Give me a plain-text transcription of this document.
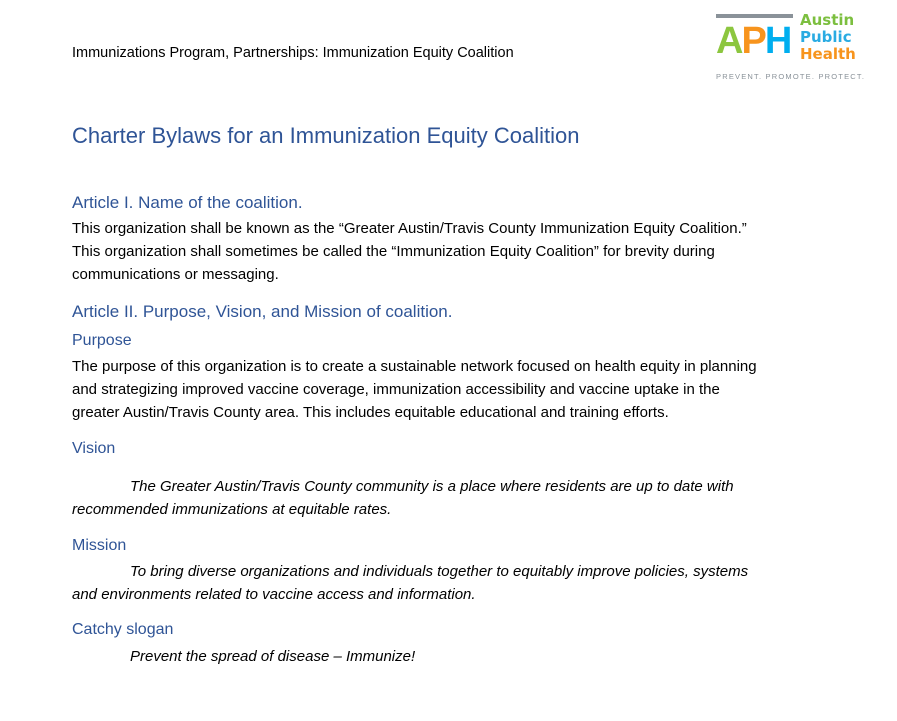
Immunizations Program, Partnerships: Immunization Equity Coalition	APH Austin
Public
Health
PREVENT. PROMOTE. PROTECT.
Charter Bylaws for an Immunization Equity Coalition
Article I. Name of the coalition.
This organization shall be known as the “Greater Austin/Travis County Immunization Equity Coalition.”
This organization shall sometimes be called the “Immunization Equity Coalition” for brevity during
communications or messaging.
Article II. Purpose, Vision, and Mission of coalition.
Purpose
The purpose of this organization is to create a sustainable network focused on health equity in planning
and strategizing improved vaccine coverage, immunization accessibility and vaccine uptake in the
greater Austin/Travis County area. This includes equitable educational and training efforts.
Vision
The Greater Austin/Travis County community is a place where residents are up to date with
recommended immunizations at equitable rates.
Mission
To bring diverse organizations and individuals together to equitably improve policies, systems
and environments related to vaccine access and information.
Catchy slogan
Prevent the spread of disease – Immunize!
